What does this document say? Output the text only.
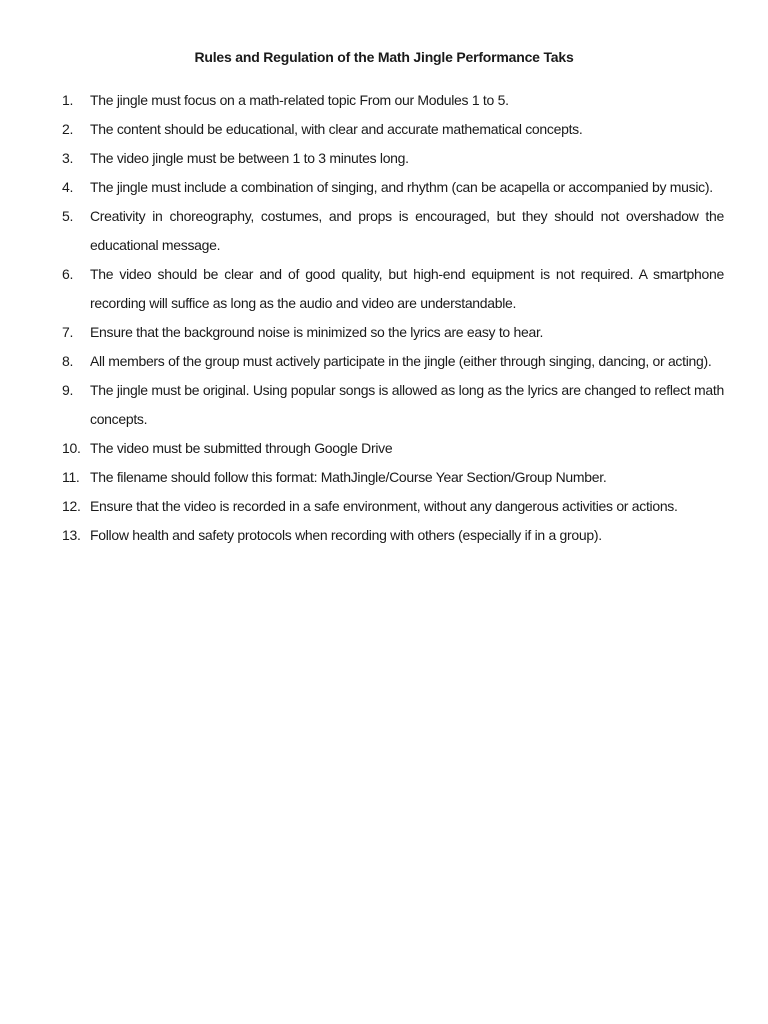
Rules and Regulation of the Math Jingle Performance Taks
1.	The jingle must focus on a math-related topic From our Modules 1 to 5.
2.	The content should be educational, with clear and accurate mathematical concepts.
3.	The video jingle must be between 1 to 3 minutes long.
4.	The jingle must include a combination of singing, and rhythm (can be acapella or accompanied by music).
5.	Creativity in choreography, costumes, and props is encouraged, but they should not overshadow the educational message.
6.	The video should be clear and of good quality, but high-end equipment is not required. A smartphone recording will suffice as long as the audio and video are understandable.
7.	Ensure that the background noise is minimized so the lyrics are easy to hear.
8.	All members of the group must actively participate in the jingle (either through singing, dancing, or acting).
9.	The jingle must be original. Using popular songs is allowed as long as the lyrics are changed to reflect math concepts.
10. The video must be submitted through Google Drive
11. The filename should follow this format: MathJingle/Course Year Section/Group Number.
12. Ensure that the video is recorded in a safe environment, without any dangerous activities or actions.
13. Follow health and safety protocols when recording with others (especially if in a group).
